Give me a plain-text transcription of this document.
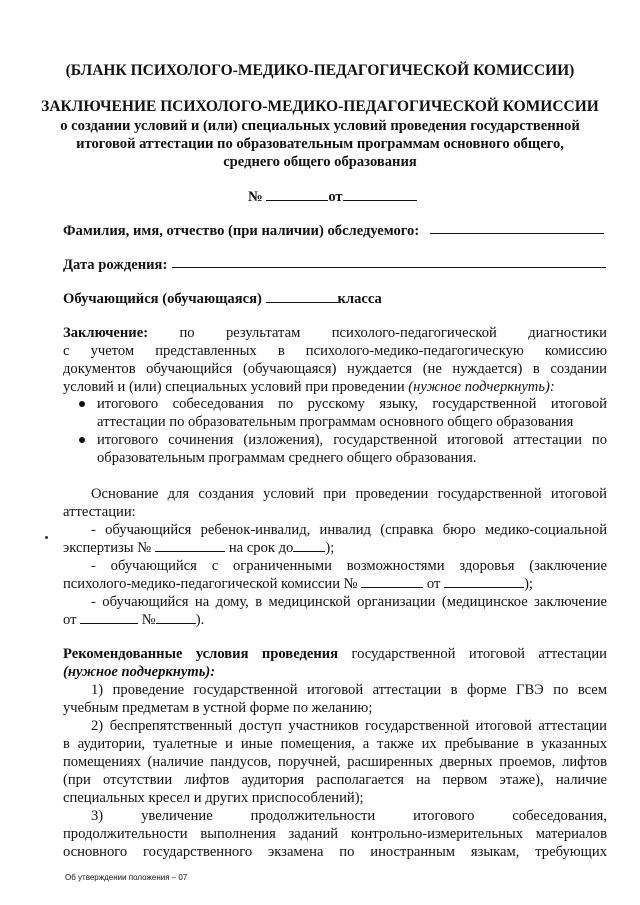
(БЛАНК ПСИХОЛОГО-МЕДИКО-ПЕДАГОГИЧЕСКОЙ КОМИССИИ)
ЗАКЛЮЧЕНИЕ ПСИХОЛОГО-МЕДИКО-ПЕДАГОГИЧЕСКОЙ КОМИССИИ
о создании условий и (или) специальных условий проведения государственной
итоговой аттестации по образовательным программам основного общего,
среднего общего образования
№	от
Фамилия, имя, отчество (при наличии) обследуемого:
Дата рождения:
Обучающийся (обучающаяся)	класса
Заключение: по результатам психолого-педагогической диагностики
с учетом представленных в психолого-медико-педагогическую комиссию
документов обучающийся (обучающаяся) нуждается (не нуждается) в создании
условий и (или) специальных условий при проведении (нужное подчеркнуть):
итогового собеседования по русскому языку, государственной итоговой
аттестации по образовательным программам основного общего образования
итогового сочинения (изложения), государственной итоговой аттестации по
образовательным программам среднего общего образования.
Основание для создания условий при проведении государственной итоговой
аттестации:
- обучающийся ребенок-инвалид, инвалид (справка бюро медико-социальной
экспертизы №	на срок до );
- обучающийся с ограниченными возможностями здоровья (заключение
психолого-медико-педагогической комиссии №	от	);
- обучающийся на дому, в медицинской организации (медицинское заключение
от	№	).
Рекомендованные условия проведения государственной итоговой аттестации
(нужное подчеркнуть):
1) проведение государственной итоговой аттестации в форме ГВЭ по всем
учебным предметам в устной форме по желанию;
2) беспрепятственный доступ участников государственной итоговой аттестации
в аудитории, туалетные и иные помещения, а также их пребывание в указанных
помещениях (наличие пандусов, поручней, расширенных дверных проемов, лифтов
(при отсутствии лифтов аудитория располагается на первом этаже), наличие
специальных кресел и других приспособлений);
3) увеличение продолжительности итогового собеседования,
продолжительности выполнения заданий контрольно-измерительных материалов
основного государственного экзамена по иностранным языкам, требующих
Об утверждении положения – 07
